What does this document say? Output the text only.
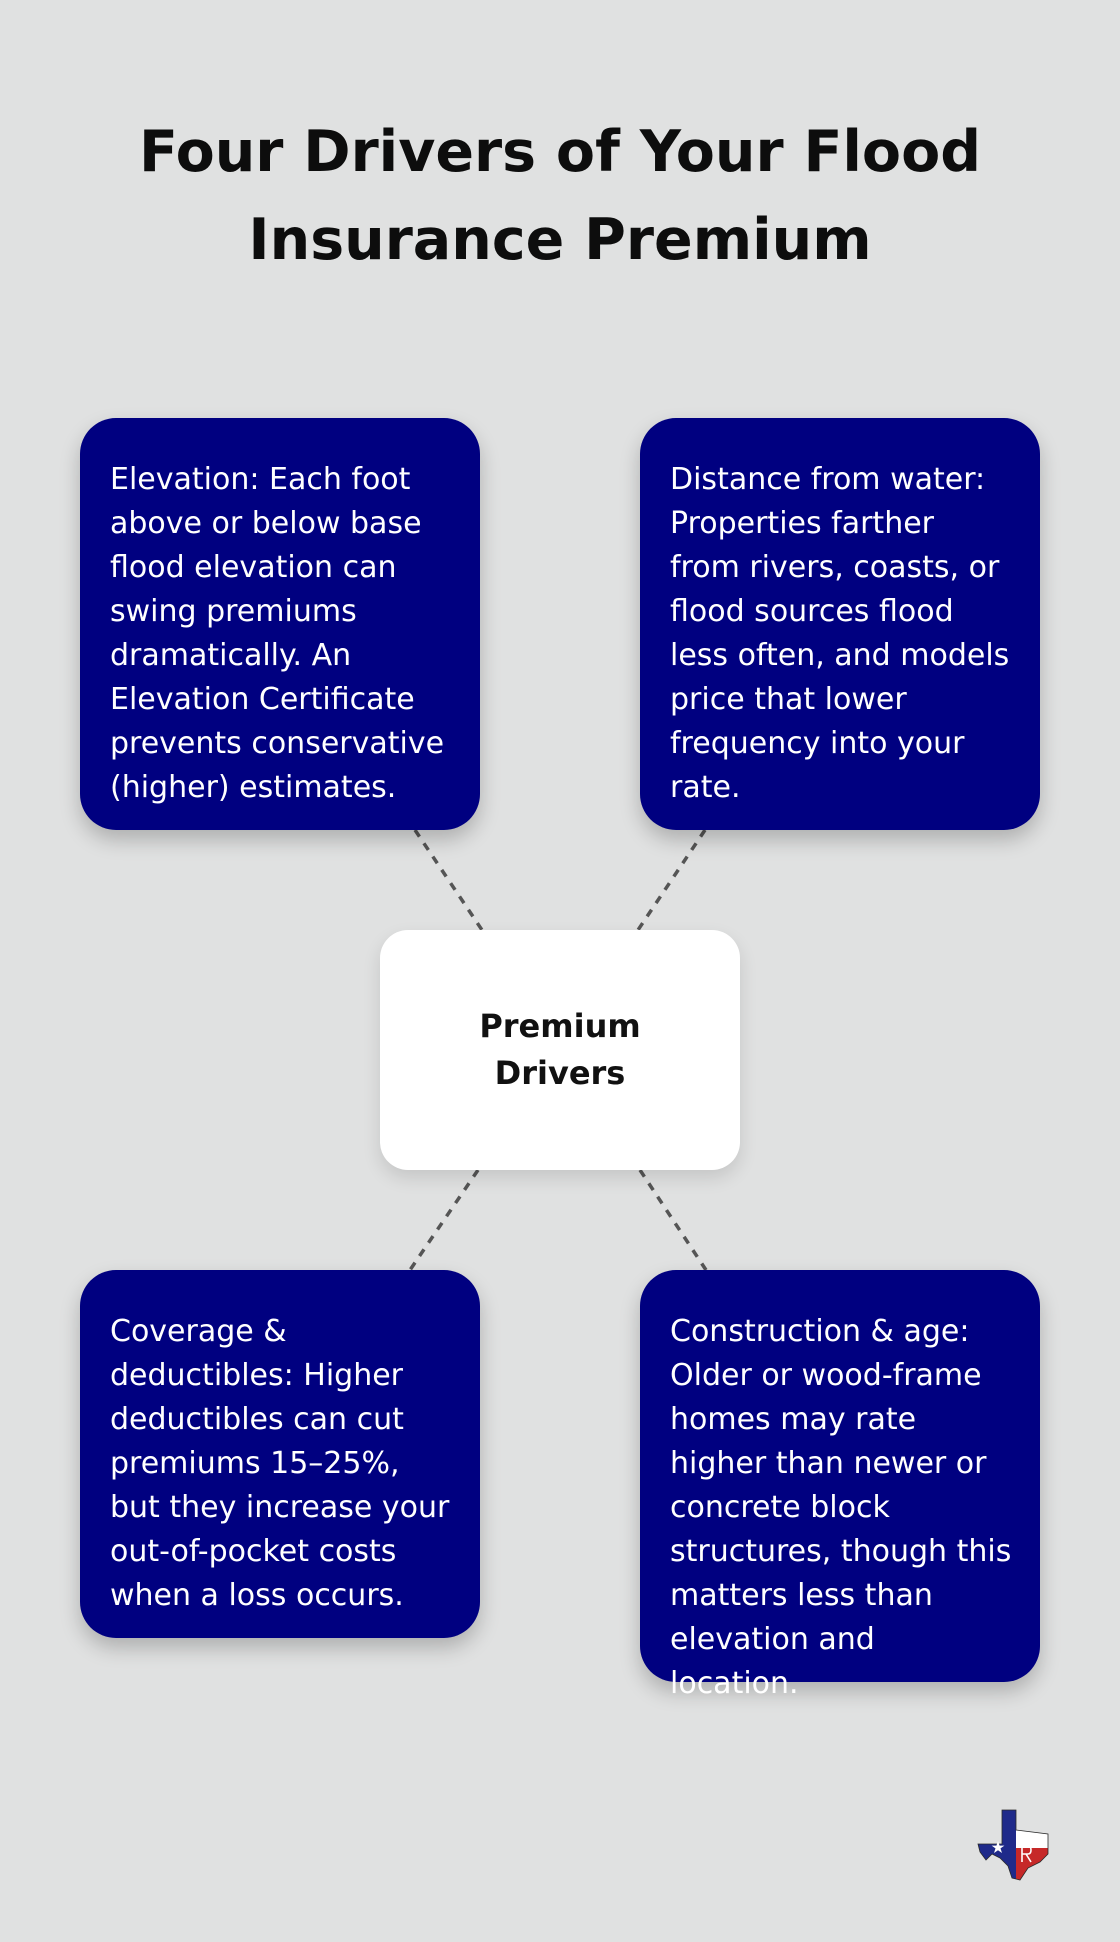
Four Drivers of Your Flood Insurance Premium
Elevation: Each foot above or below base flood elevation can swing premiums dramatically. An Elevation Certificate prevents conservative (higher) estimates.
Distance from water: Properties farther from rivers, coasts, or flood sources flood less often, and models price that lower frequency into your rate.
Premium Drivers
Coverage & deductibles: Higher deductibles can cut premiums 15–25%, but they increase your out-of-pocket costs when a loss occurs.
Construction & age: Older or wood-frame homes may rate higher than newer or concrete block structures, though this matters less than elevation and location.
